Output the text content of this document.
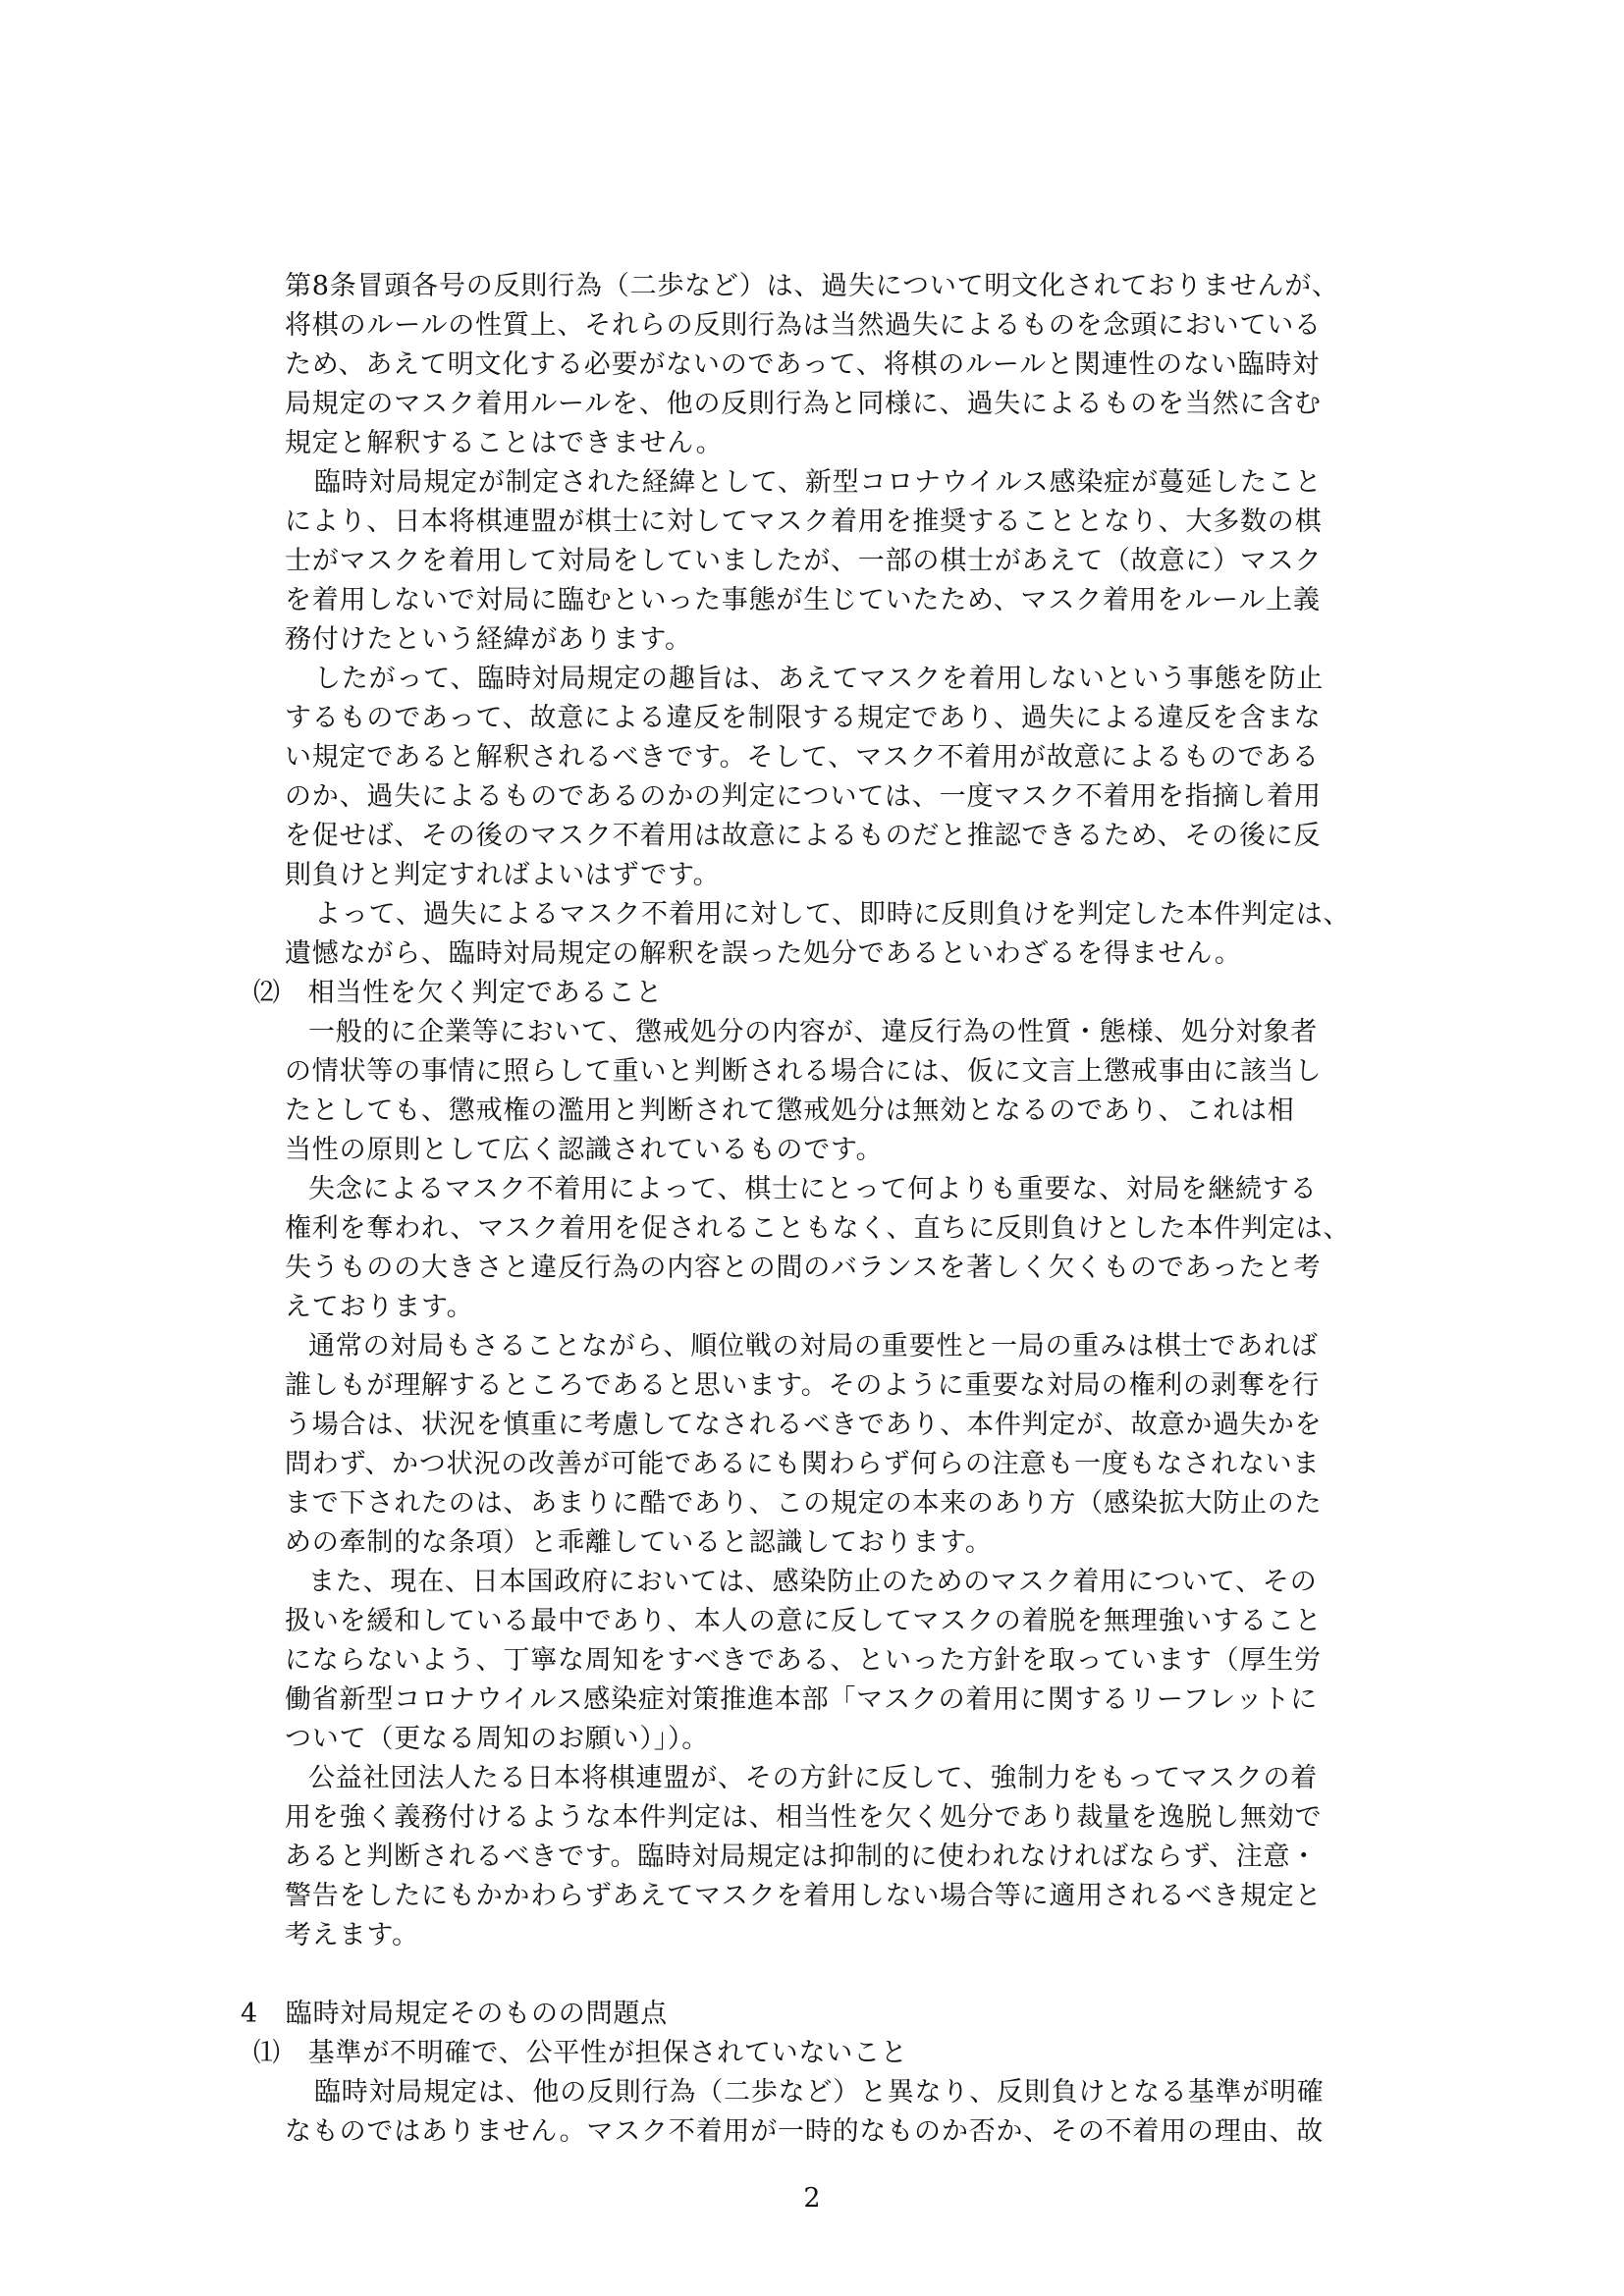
第8条冒頭各号の反則行為（二歩など）は、過失について明文化されておりませんが、
将棋のルールの性質上、それらの反則行為は当然過失によるものを念頭においている
ため、あえて明文化する必要がないのであって、将棋のルールと関連性のない臨時対
局規定のマスク着用ルールを、他の反則行為と同様に、過失によるものを当然に含む
規定と解釈することはできません。
臨時対局規定が制定された経緯として、新型コロナウイルス感染症が蔓延したこと
により、日本将棋連盟が棋士に対してマスク着用を推奨することとなり、大多数の棋
士がマスクを着用して対局をしていましたが、一部の棋士があえて（故意に）マスク
を着用しないで対局に臨むといった事態が生じていたため、マスク着用をルール上義
務付けたという経緯があります。
したがって、臨時対局規定の趣旨は、あえてマスクを着用しないという事態を防止
するものであって、故意による違反を制限する規定であり、過失による違反を含まな
い規定であると解釈されるべきです。そして、マスク不着用が故意によるものである
のか、過失によるものであるのかの判定については、一度マスク不着用を指摘し着用
を促せば、その後のマスク不着用は故意によるものだと推認できるため、その後に反
則負けと判定すればよいはずです。
よって、過失によるマスク不着用に対して、即時に反則負けを判定した本件判定は、
遺憾ながら、臨時対局規定の解釈を誤った処分であるといわざるを得ません。
⑵　相当性を欠く判定であること
一般的に企業等において、懲戒処分の内容が、違反行為の性質・態様、処分対象者
の情状等の事情に照らして重いと判断される場合には、仮に文言上懲戒事由に該当し
たとしても、懲戒権の濫用と判断されて懲戒処分は無効となるのであり、これは相
当性の原則として広く認識されているものです。
失念によるマスク不着用によって、棋士にとって何よりも重要な、対局を継続する
権利を奪われ、マスク着用を促されることもなく、直ちに反則負けとした本件判定は、
失うものの大きさと違反行為の内容との間のバランスを著しく欠くものであったと考
えております。
通常の対局もさることながら、順位戦の対局の重要性と一局の重みは棋士であれば
誰しもが理解するところであると思います。そのように重要な対局の権利の剥奪を行
う場合は、状況を慎重に考慮してなされるべきであり、本件判定が、故意か過失かを
問わず、かつ状況の改善が可能であるにも関わらず何らの注意も一度もなされないま
まで下されたのは、あまりに酷であり、この規定の本来のあり方（感染拡大防止のた
めの牽制的な条項）と乖離していると認識しております。
また、現在、日本国政府においては、感染防止のためのマスク着用について、その
扱いを緩和している最中であり、本人の意に反してマスクの着脱を無理強いすること
にならないよう、丁寧な周知をすべきである、といった方針を取っています（厚生労
働省新型コロナウイルス感染症対策推進本部「マスクの着用に関するリーフレットに
ついて（更なる周知のお願い）」）。
公益社団法人たる日本将棋連盟が、その方針に反して、強制力をもってマスクの着
用を強く義務付けるような本件判定は、相当性を欠く処分であり裁量を逸脱し無効で
あると判断されるべきです。臨時対局規定は抑制的に使われなければならず、注意・
警告をしたにもかかわらずあえてマスクを着用しない場合等に適用されるべき規定と
考えます。
4　臨時対局規定そのものの問題点
⑴　基準が不明確で、公平性が担保されていないこと
臨時対局規定は、他の反則行為（二歩など）と異なり、反則負けとなる基準が明確
なものではありません。マスク不着用が一時的なものか否か、その不着用の理由、故
2
